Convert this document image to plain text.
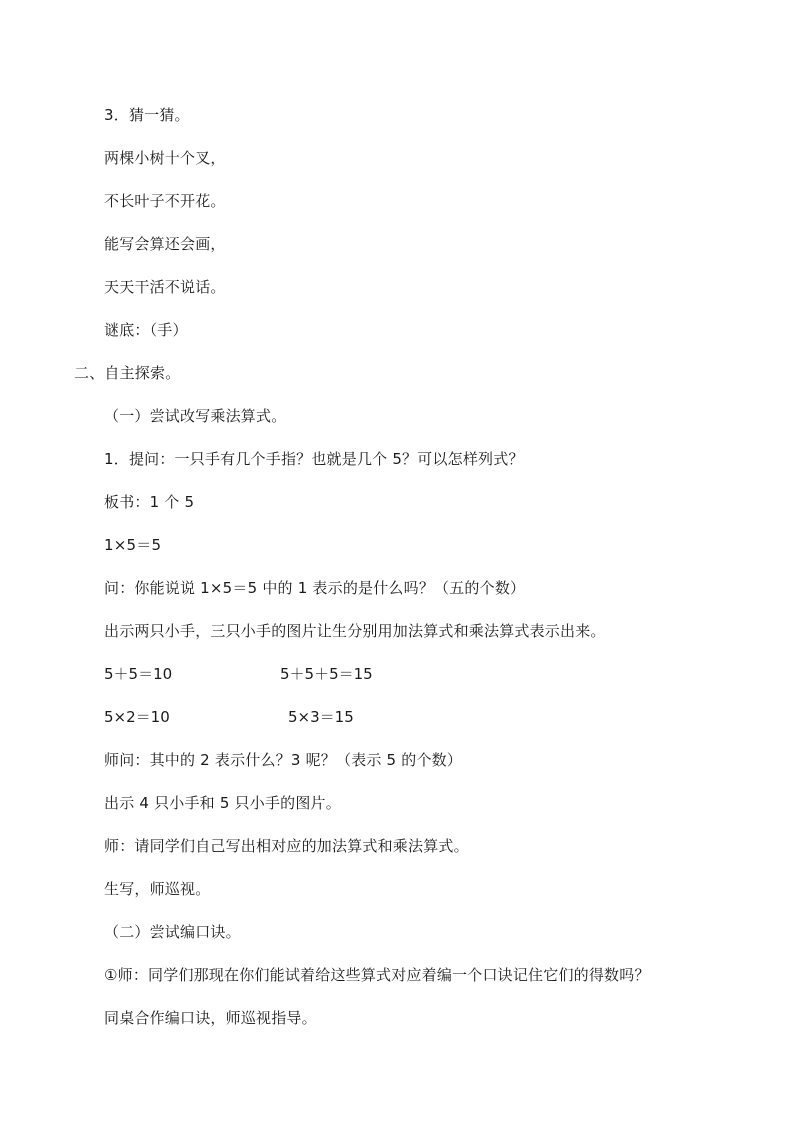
3．猜一猜。
两棵小树十个叉，
不长叶子不开花。
能写会算还会画，
天天干活不说话。
谜底：（手）
二、自主探索。
（一）尝试改写乘法算式。
1．提问：一只手有几个手指？也就是几个 5？可以怎样列式？
板书：1 个 5
1×5＝5
问：你能说说 1×5＝5 中的 1 表示的是什么吗？（五的个数）
出示两只小手，三只小手的图片让生分别用加法算式和乘法算式表示出来。
5＋5＝10	5＋5＋5＝15
5×2＝10	5×3＝15
师问：其中的 2 表示什么？3 呢？（表示 5 的个数）
出示 4 只小手和 5 只小手的图片。
师：请同学们自己写出相对应的加法算式和乘法算式。
生写，师巡视。
（二）尝试编口诀。
①师：同学们那现在你们能试着给这些算式对应着编一个口诀记住它们的得数吗？
同桌合作编口诀，师巡视指导。
